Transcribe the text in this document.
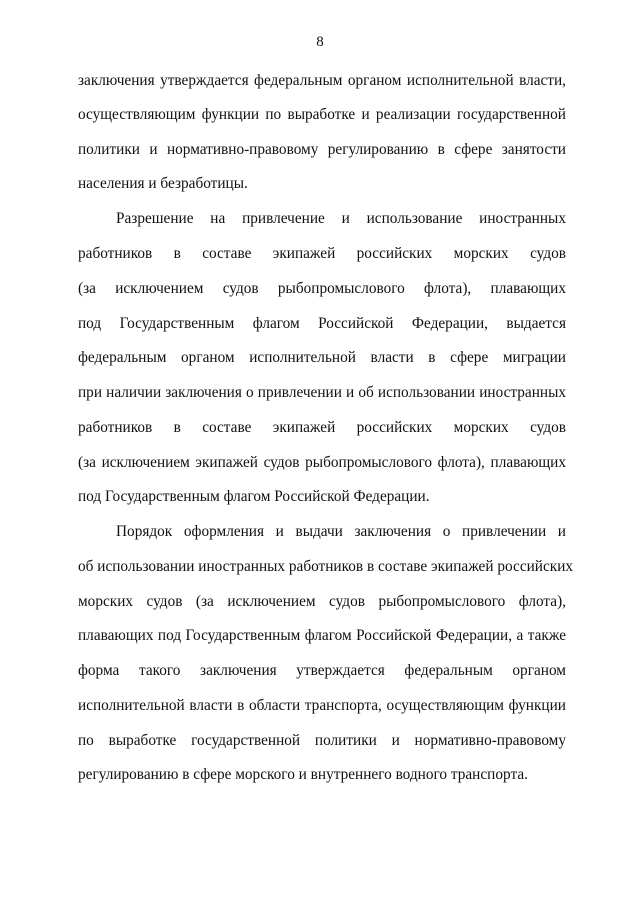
8
заключения утверждается федеральным органом исполнительной власти,
осуществляющим функции по выработке и реализации государственной
политики и нормативно-правовому регулированию в сфере занятости
населения и безработицы.
Разрешение на привлечение и использование иностранных
работников в составе экипажей российских морских судов
(за исключением судов рыбопромыслового флота), плавающих
под Государственным флагом Российской Федерации, выдается
федеральным органом исполнительной власти в сфере миграции
при наличии заключения о привлечении и об использовании иностранных
работников в составе экипажей российских морских судов
(за исключением экипажей судов рыбопромыслового флота), плавающих
под Государственным флагом Российской Федерации.
Порядок оформления и выдачи заключения о привлечении и
об использовании иностранных работников в составе экипажей российских
морских судов (за исключением судов рыбопромыслового флота),
плавающих под Государственным флагом Российской Федерации, а также
форма такого заключения утверждается федеральным органом
исполнительной власти в области транспорта, осуществляющим функции
по выработке государственной политики и нормативно-правовому
регулированию в сфере морского и внутреннего водного транспорта.
